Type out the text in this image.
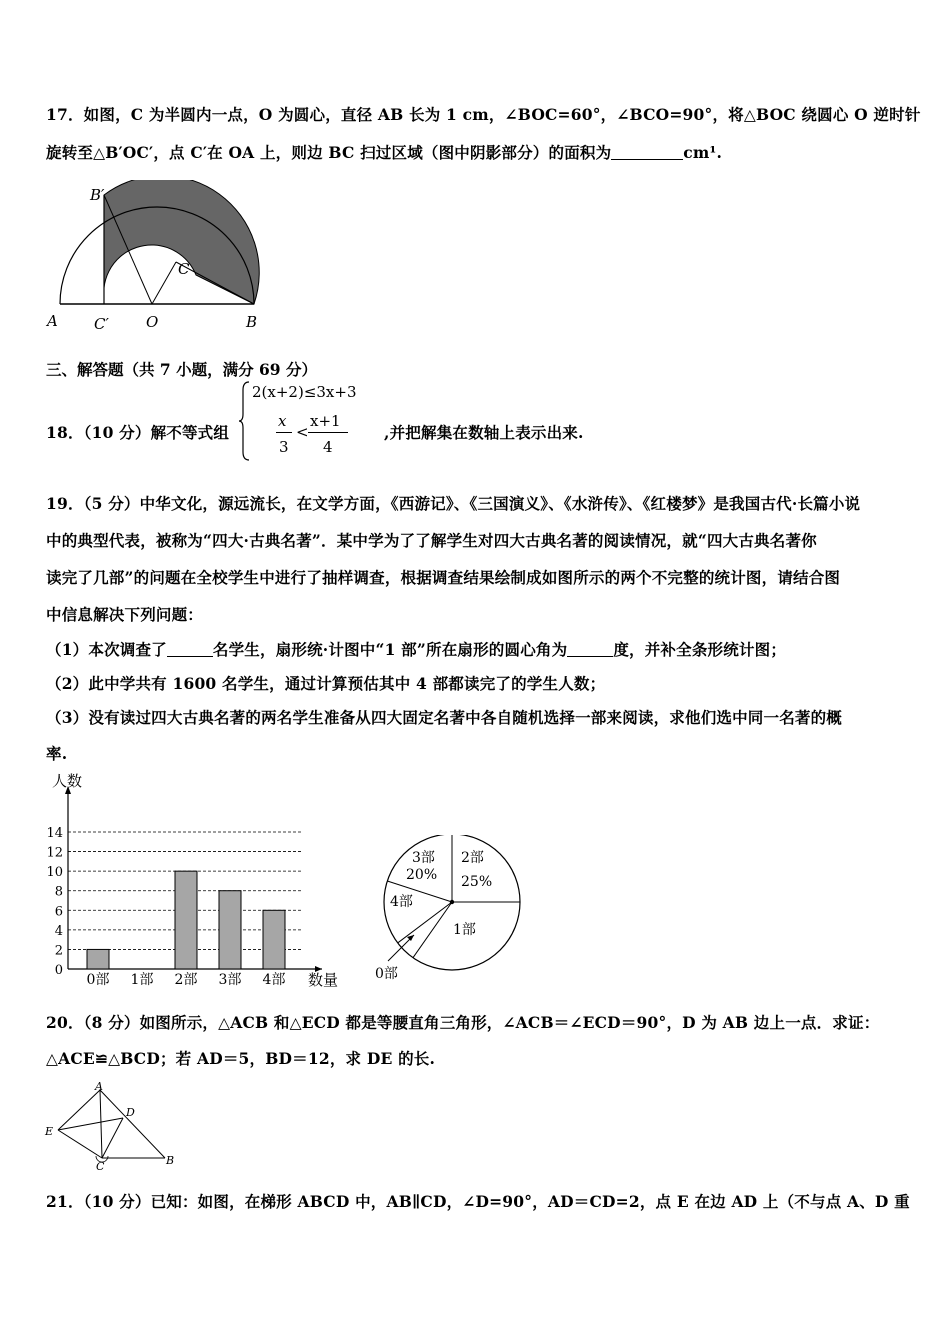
17．如图，C 为半圆内一点，O 为圆心，直径 AB 长为 1 cm，∠BOC=60°，∠BCO=90°，将△BOC 绕圆心 O 逆时针
旋转至△B′OC′，点 C′在 OA 上，则边 BC 扫过区域（图中阴影部分）的面积为	cm¹.
B′
C
A C′ O	B
三、解答题（共 7 小题，满分 69 分）
18．（10 分）解不等式组
2(x+2)≤3x+3
x
3
<
x+1
4
,并把解集在数轴上表示出来.
19．（5 分）中华文化，源远流长，在文学方面，《西游记》、《三国演义》、《水浒传》、《红楼梦》是我国古代·长篇小说
中的典型代表，被称为“四大·古典名著”．某中学为了了解学生对四大古典名著的阅读情况，就“四大古典名著你
读完了几部”的问题在全校学生中进行了抽样调查，根据调查结果绘制成如图所示的两个不完整的统计图，请结合图
中信息解决下列问题：
（1）本次调查了	名学生，扇形统·计图中“1 部”所在扇形的圆心角为	度，并补全条形统计图；
（2）此中学共有 1600 名学生，通过计算预估其中 4 部都读完了的学生人数；
（3）没有读过四大古典名著的两名学生准备从四大固定名著中各自随机选择一部来阅读，求他们选中同一名著的概
率.
0
2
4
6
8
10
12
14
人数
数量
0部 1部 2部 3部 4部
2部
25%
1部
4部
3部
20%
0部
20．（8 分）如图所示，△ACB 和△ECD 都是等腰直角三角形，∠ACB＝∠ECD＝90°，D 为 AB 边上一点．求证：
△ACE≌△BCD；若 AD＝5，BD＝12，求 DE 的长.
A
D
E
C	B
21．（10 分）已知：如图，在梯形 ABCD 中，AB∥CD，∠D=90°，AD＝CD=2，点 E 在边 AD 上（不与点 A、D 重
